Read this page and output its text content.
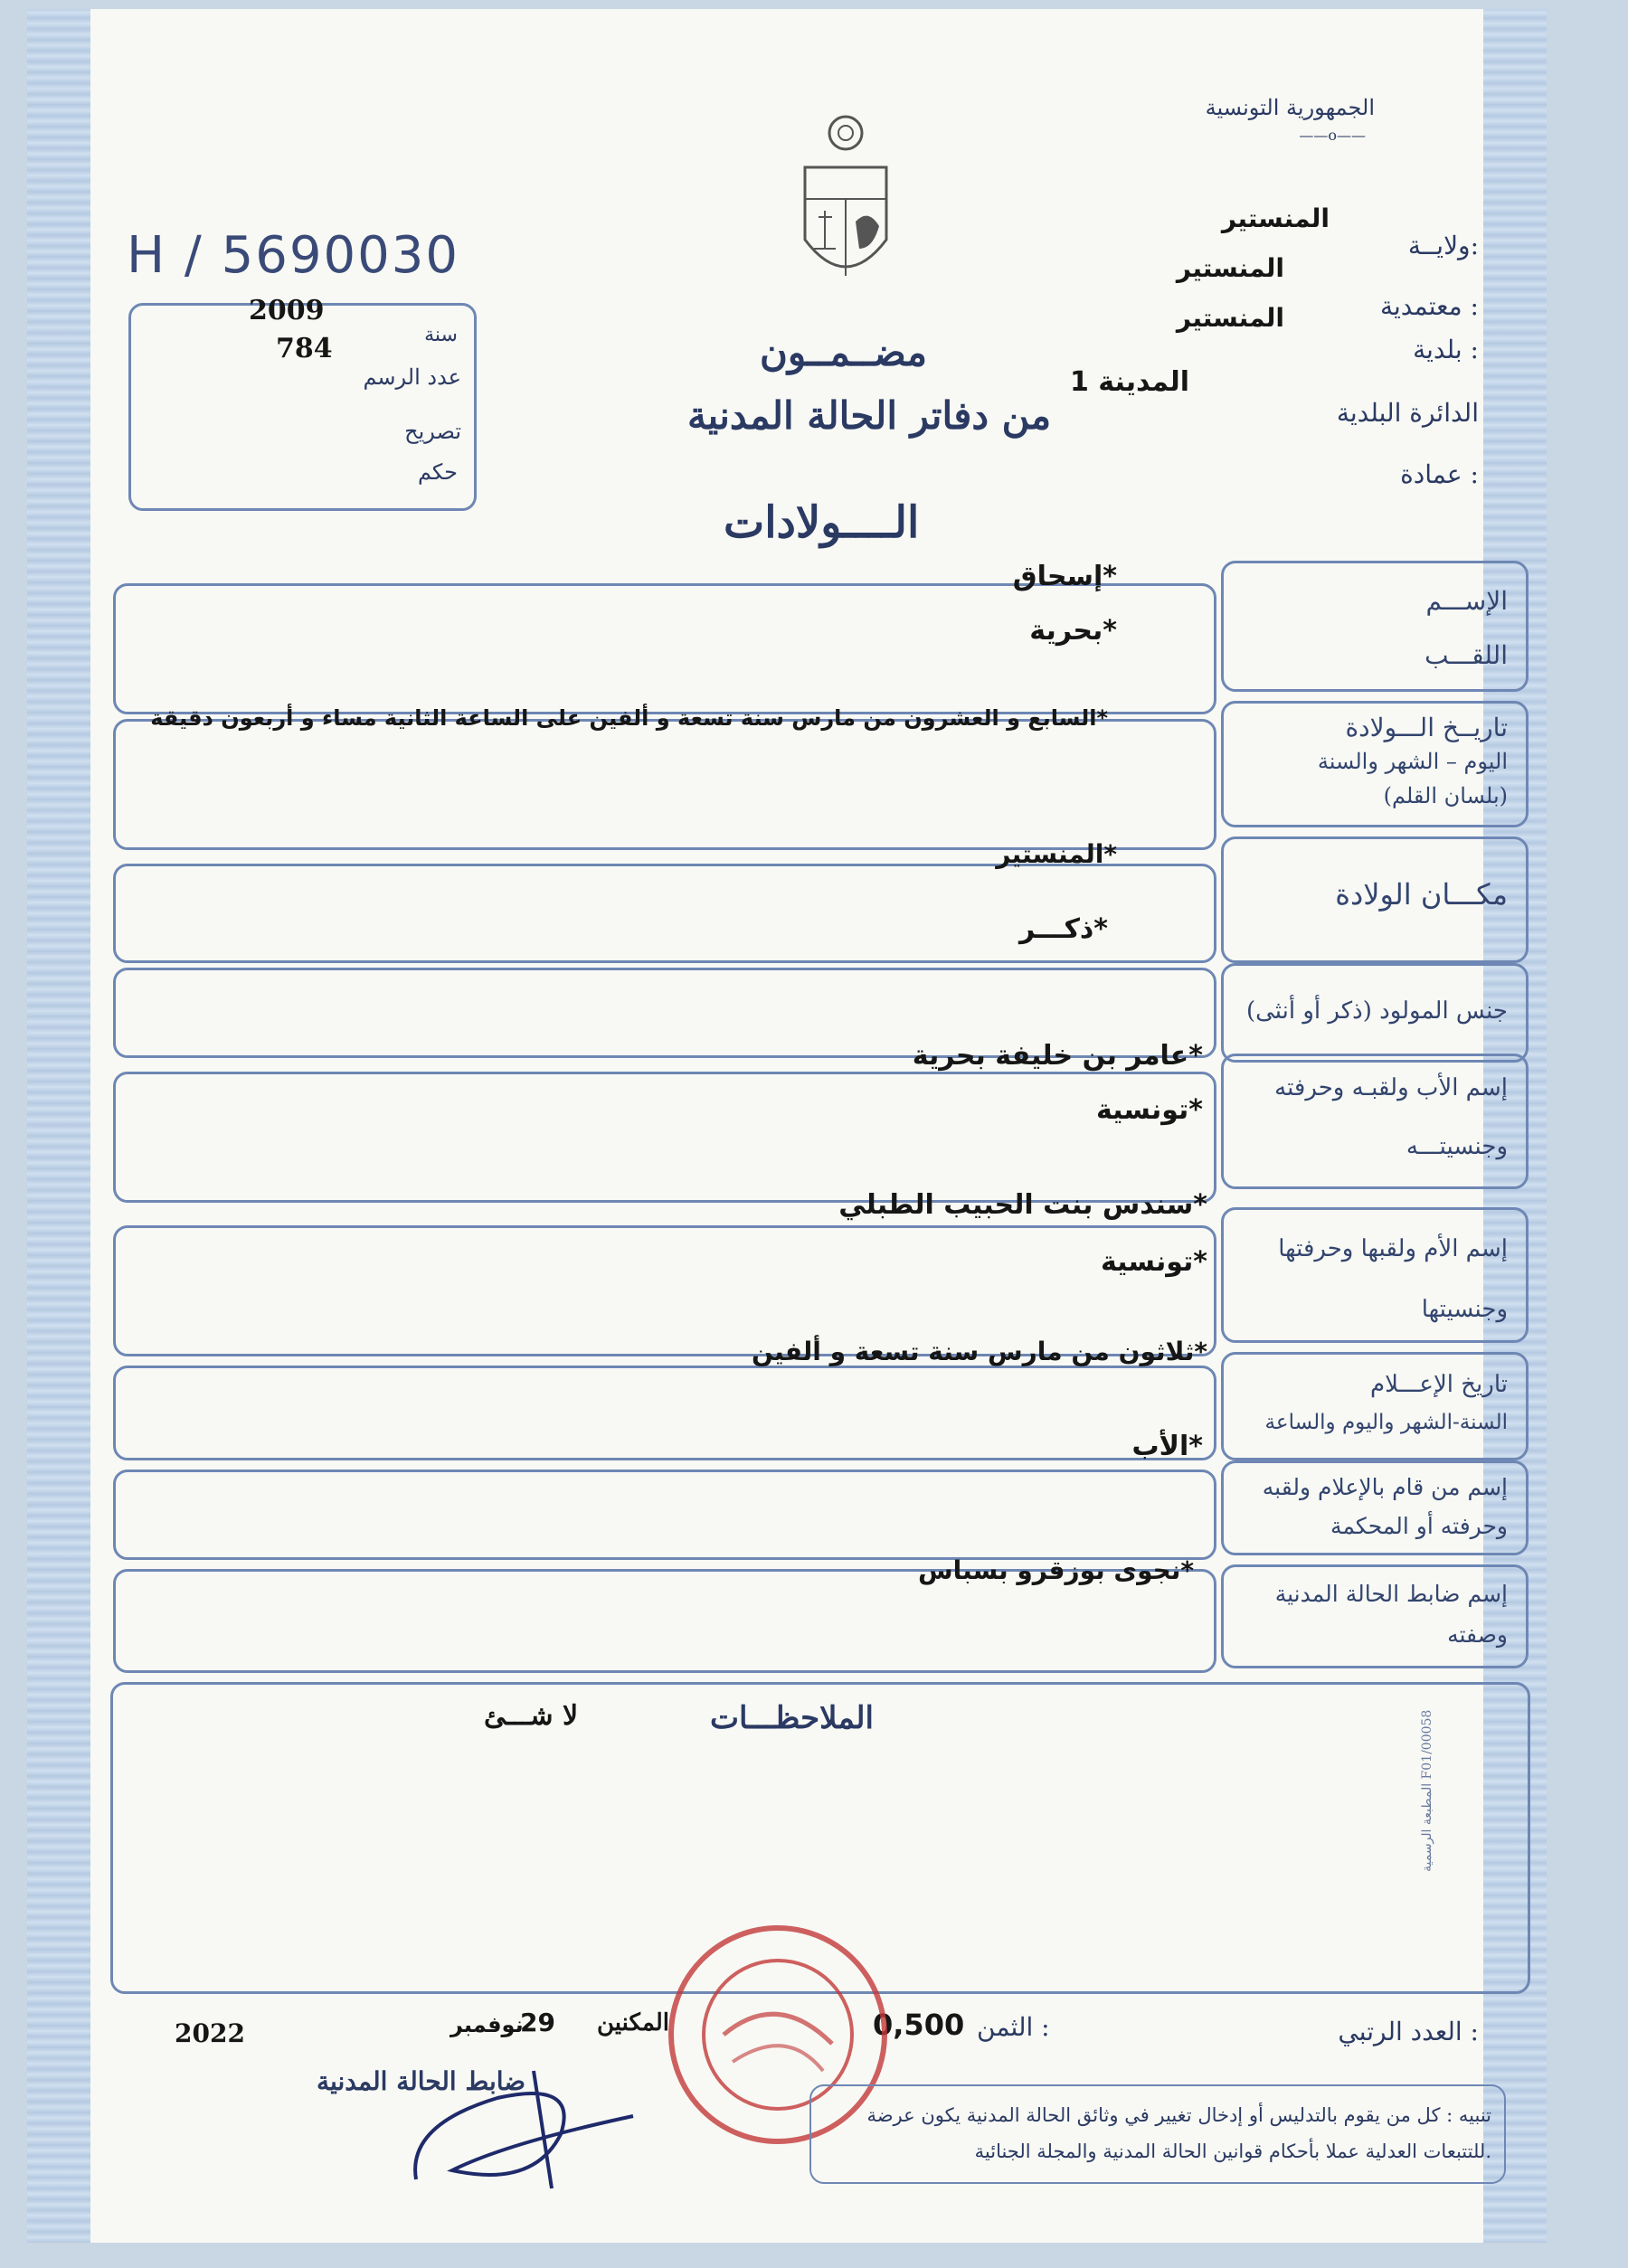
الجمهورية التونسية
——o——
H / 5690030
2009
سنة
784
عدد الرسم
تصريح
حكم
ولايــة:
المنستير
معتمدية :
المنستير
بلدية :
المنستير
الدائرة البلدية
المدينة 1
عمادة :
مضــمــون
من دفاتر الحالة المدنية
الــــولادات
الإســـم
اللقـــب
إسحاق*
بحرية*
تاريــخ الـــولادة
اليوم – الشهر والسنة
(بلسان القلم)
السابع و العشرون من مارس سنة تسعة و ألفين على الساعة الثانية مساء و أربعون دقيقة*
مكـــان الولادة
المنستير*
جنس المولود (ذكر أو أنثى)
ذكـــر*
إسم الأب ولقبـه وحرفته
وجنسيتـــه
عامر بن خليفة بحرية*
تونسية*
إسم الأم ولقبها وحرفتها
وجنسيتها
سندس بنت الحبيب الطبلي*
تونسية*
تاريخ الإعـــلام
السنة-الشهر واليوم والساعة
ثلاثون من مارس سنة تسعة و ألفين*
إسم من قام بالإعلام ولقبه
وحرفته أو المحكمة
الأب*
إسم ضابط الحالة المدنية
وصفته
نجوى بوزقرو بسباس*
الملاحظـــات
لا شـــئ
المطبعة الرسمية F01/00058
العدد الرتبي :
الثمن :
0,500
المكنين
29
نوفمبر
2022
ضابط الحالة المدنية
تنبيه : كل من يقوم بالتدليس أو إدخال تغيير في وثائق الحالة المدنية يكون عرضة
للتتبعات العدلية عملا بأحكام قوانين الحالة المدنية والمجلة الجنائية.
